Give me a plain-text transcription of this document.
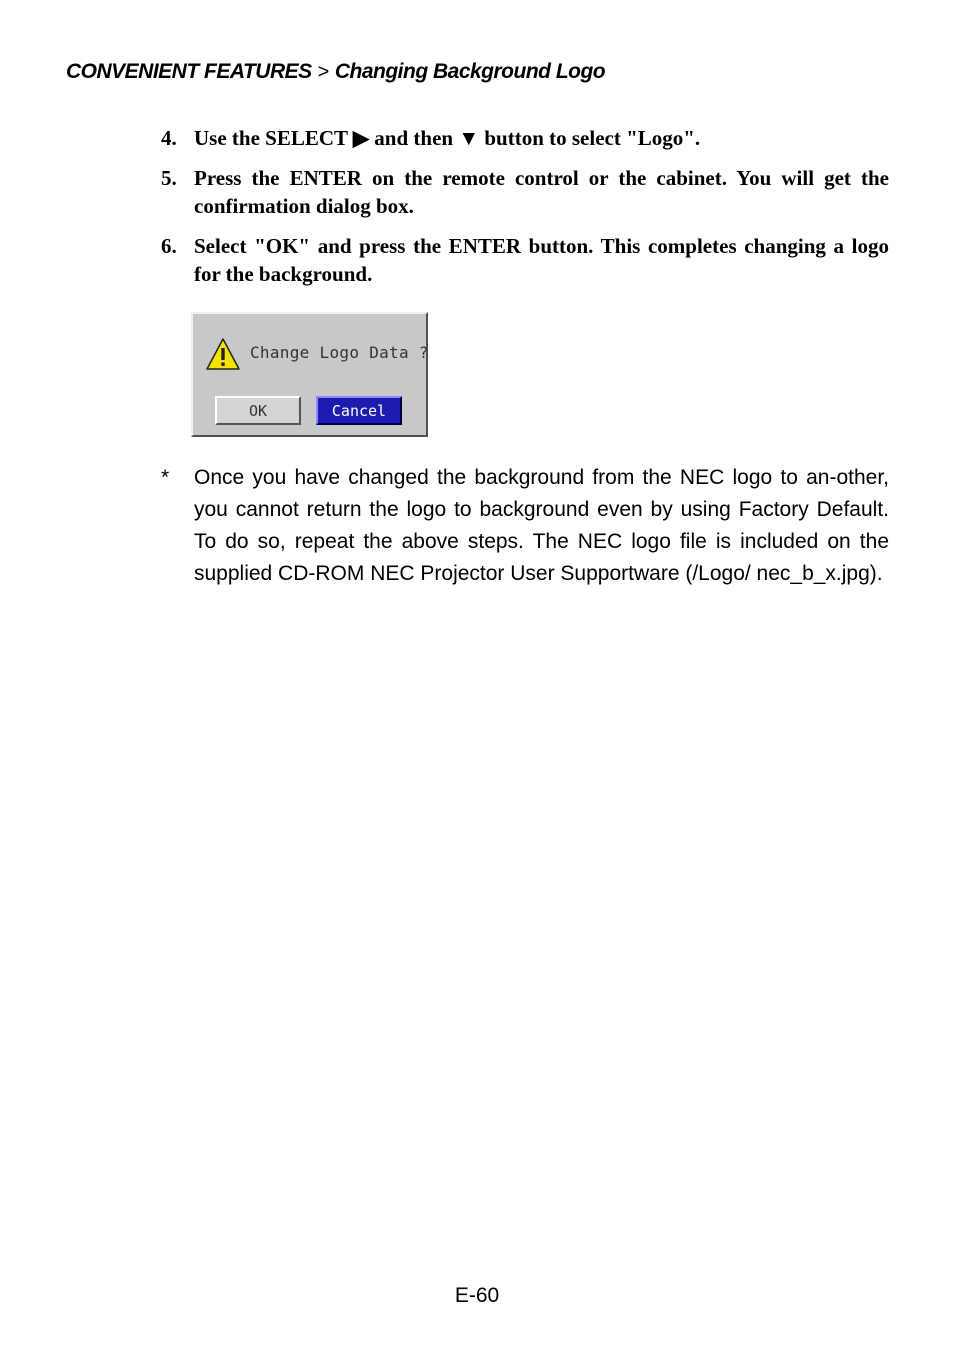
CONVENIENT FEATURES > Changing Background Logo
4. Use the SELECT ▶ and then ▼ button to select "Logo".
5. Press the ENTER on the remote control or the cabinet. You will get the confirmation dialog box.
6. Select "OK" and press the ENTER button. This completes changing a logo for the background.
Change Logo Data ?
OK	Cancel
*	Once you have changed the background from the NEC logo to an-other, you cannot return the logo to background even by using Factory Default. To do so, repeat the above steps. The NEC logo file is included on the supplied CD-ROM NEC Projector User Supportware (/Logo/ nec_b_x.jpg).
E-60
